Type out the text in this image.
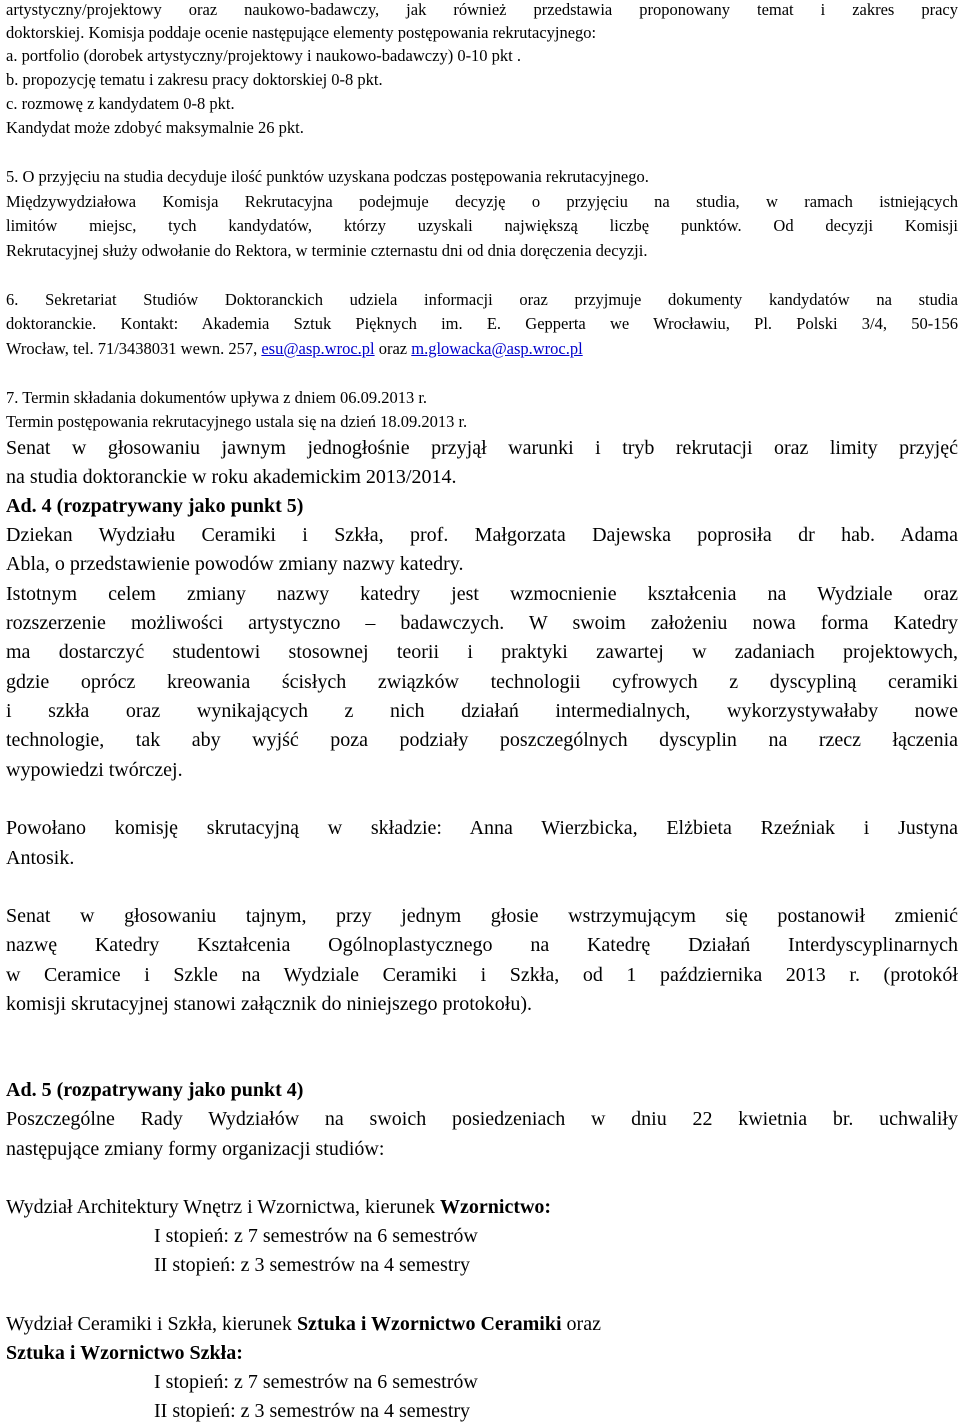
artystyczny/projektowy oraz naukowo-badawczy, jak również przedstawia proponowany temat i zakres pracy
doktorskiej. Komisja poddaje ocenie następujące elementy postępowania rekrutacyjnego:
a. portfolio (dorobek artystyczny/projektowy i naukowo-badawczy) 0-10 pkt .
b. propozycję tematu i zakresu pracy doktorskiej 0-8 pkt.
c. rozmowę z kandydatem 0-8 pkt.
Kandydat może zdobyć maksymalnie 26 pkt.
5. O przyjęciu na studia decyduje ilość punktów uzyskana podczas postępowania rekrutacyjnego.
Międzywydziałowa Komisja Rekrutacyjna podejmuje decyzję o przyjęciu na studia, w ramach istniejących
limitów miejsc, tych kandydatów, którzy uzyskali największą liczbę punktów. Od decyzji Komisji
Rekrutacyjnej służy odwołanie do Rektora, w terminie czternastu dni od dnia doręczenia decyzji.
6. Sekretariat Studiów Doktoranckich udziela informacji oraz przyjmuje dokumenty kandydatów na studia
doktoranckie. Kontakt: Akademia Sztuk Pięknych im. E. Gepperta we Wrocławiu, Pl. Polski 3/4, 50-156
Wrocław, tel. 71/3438031 wewn. 257, esu@asp.wroc.pl oraz m.glowacka@asp.wroc.pl
7. Termin składania dokumentów upływa z dniem 06.09.2013 r.
Termin postępowania rekrutacyjnego ustala się na dzień 18.09.2013 r.
Senat w głosowaniu jawnym jednogłośnie przyjął warunki i tryb rekrutacji oraz limity przyjęć
na studia doktoranckie w roku akademickim 2013/2014.
Ad. 4 (rozpatrywany jako punkt 5)
Dziekan Wydziału Ceramiki i Szkła, prof. Małgorzata Dajewska poprosiła dr hab. Adama
Abla, o przedstawienie powodów zmiany nazwy katedry.
Istotnym celem zmiany nazwy katedry jest wzmocnienie kształcenia na Wydziale oraz
rozszerzenie możliwości artystyczno – badawczych. W swoim założeniu nowa forma Katedry
ma dostarczyć studentowi stosownej teorii i praktyki zawartej w zadaniach projektowych,
gdzie oprócz kreowania ścisłych związków technologii cyfrowych z dyscypliną ceramiki
i szkła oraz wynikających z nich działań intermedialnych, wykorzystywałaby nowe
technologie, tak aby wyjść poza podziały poszczególnych dyscyplin na rzecz łączenia
wypowiedzi twórczej.
Powołano komisję skrutacyjną w składzie: Anna Wierzbicka, Elżbieta Rzeźniak i Justyna
Antosik.
Senat w głosowaniu tajnym, przy jednym głosie wstrzymującym się postanowił zmienić
nazwę Katedry Kształcenia Ogólnoplastycznego na Katedrę Działań Interdyscyplinarnych
w Ceramice i Szkle na Wydziale Ceramiki i Szkła, od 1 października 2013 r. (protokół
komisji skrutacyjnej stanowi załącznik do niniejszego protokołu).
Ad. 5 (rozpatrywany jako punkt 4)
Poszczególne Rady Wydziałów na swoich posiedzeniach w dniu 22 kwietnia br. uchwaliły
następujące zmiany formy organizacji studiów:
Wydział Architektury Wnętrz i Wzornictwa, kierunek Wzornictwo:
I stopień: z 7 semestrów na 6 semestrów
II stopień: z 3 semestrów na 4 semestry
Wydział Ceramiki i Szkła, kierunek Sztuka i Wzornictwo Ceramiki oraz
Sztuka i Wzornictwo Szkła:
I stopień: z 7 semestrów na 6 semestrów
II stopień: z 3 semestrów na 4 semestry
